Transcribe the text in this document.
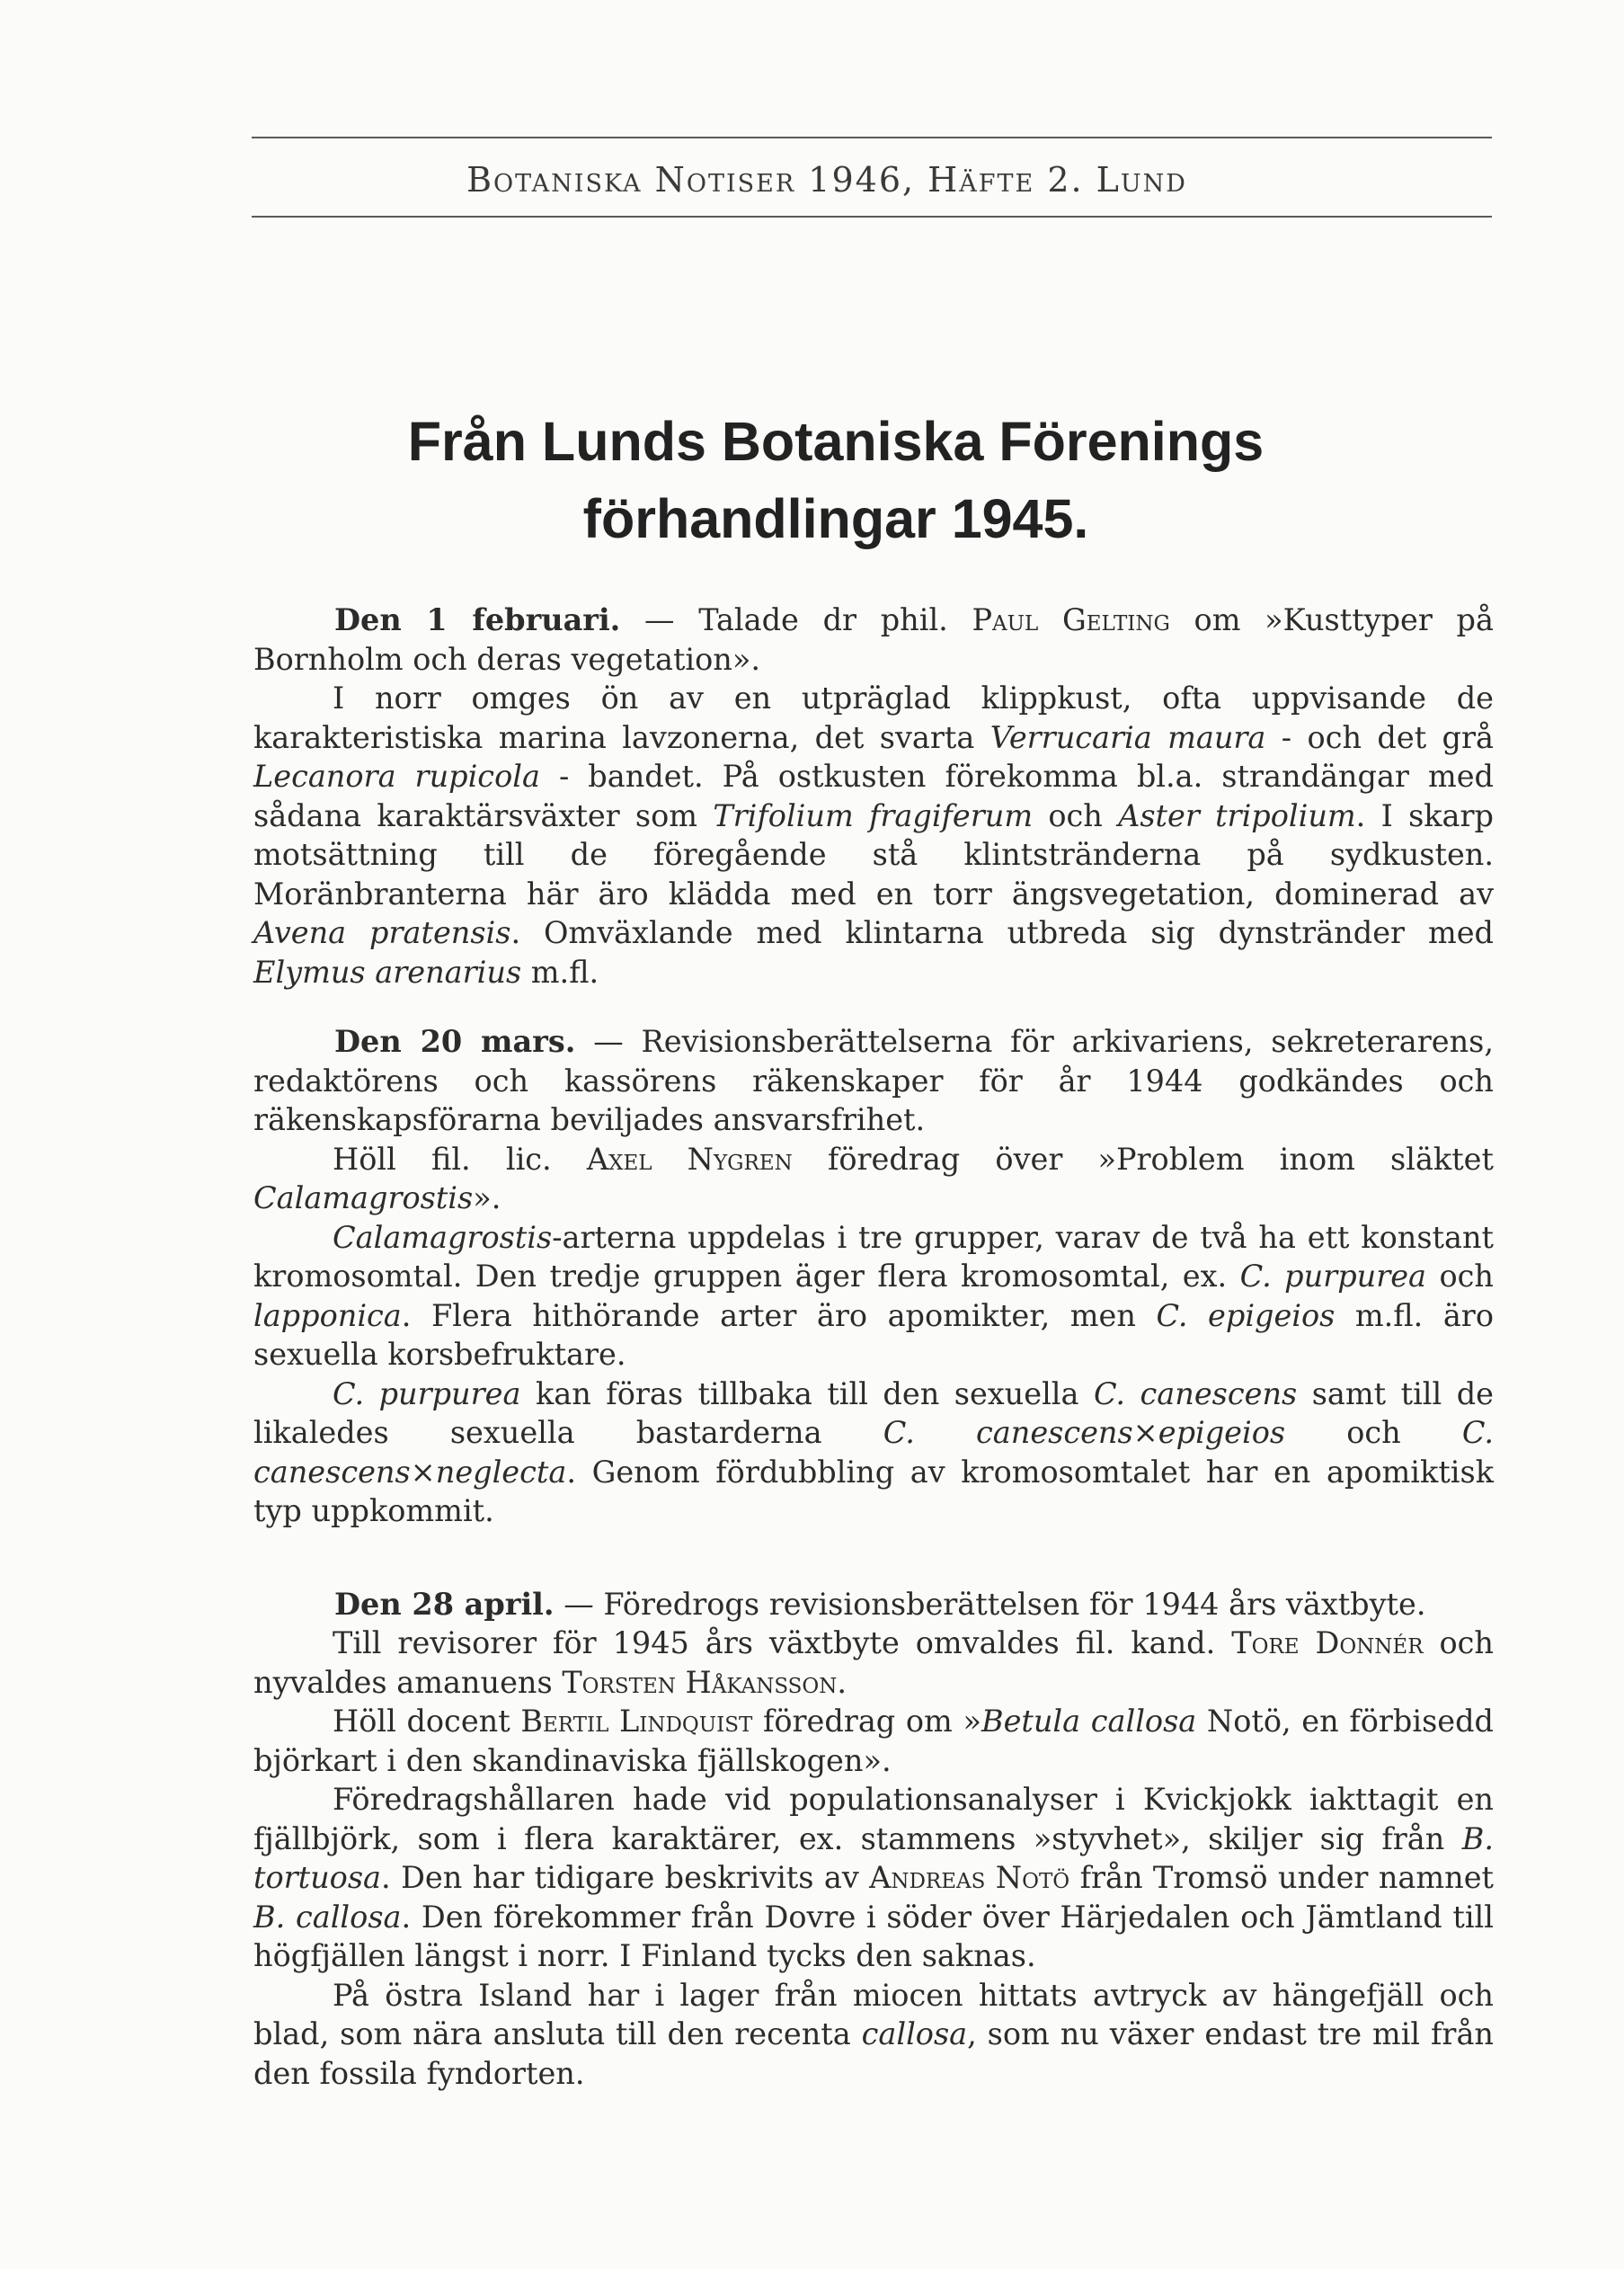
Botaniska Notiser 1946, Häfte 2. Lund
Från Lunds Botaniska Förenings
förhandlingar 1945.

Den 1 februari. — Talade dr phil. Paul Gelting om »Kusttyper på Bornholm och deras vegetation».

I norr omges ön av en utpräglad klippkust, ofta uppvisande de karakteristiska marina lavzonerna, det svarta Verrucaria maura - och det grå Lecanora rupicola - bandet. På ostkusten förekomma bl.a. strandängar med sådana karaktärsväxter som Trifolium fragiferum och Aster tripolium. I skarp motsättning till de föregående stå klintstränderna på sydkusten. Moränbranterna här äro klädda med en torr ängsvegetation, dominerad av Avena pratensis. Omväxlande med klintarna utbreda sig dynstränder med Elymus arenarius m.fl.

Den 20 mars. — Revisionsberättelserna för arkivariens, sekreterarens, redaktörens och kassörens räkenskaper för år 1944 godkändes och räkenskapsförarna beviljades ansvarsfrihet.

Höll fil. lic. Axel Nygren föredrag över »Problem inom släktet Calamagrostis».

Calamagrostis-arterna uppdelas i tre grupper, varav de två ha ett konstant kromosomtal. Den tredje gruppen äger flera kromosomtal, ex. C. purpurea och lapponica. Flera hithörande arter äro apomikter, men C. epigeios m.fl. äro sexuella korsbefruktare.

C. purpurea kan föras tillbaka till den sexuella C. canescens samt till de likaledes sexuella bastarderna C. canescens×epigeios och C. canescens×neglecta. Genom fördubbling av kromosomtalet har en apomiktisk typ uppkommit.

Den 28 april. — Föredrogs revisionsberättelsen för 1944 års växtbyte.

Till revisorer för 1945 års växtbyte omvaldes fil. kand. Tore Donnér och nyvaldes amanuens Torsten Håkansson.

Höll docent Bertil Lindquist föredrag om »Betula callosa Notö, en förbisedd björkart i den skandinaviska fjällskogen».

Föredragshållaren hade vid populationsanalyser i Kvickjokk iakttagit en fjällbjörk, som i flera karaktärer, ex. stammens »styvhet», skiljer sig från B. tortuosa. Den har tidigare beskrivits av Andreas Notö från Tromsö under namnet B. callosa. Den förekommer från Dovre i söder över Härjedalen och Jämtland till högfjällen längst i norr. I Finland tycks den saknas.

På östra Island har i lager från miocen hittats avtryck av hängefjäll och blad, som nära ansluta till den recenta callosa, som nu växer endast tre mil från den fossila fyndorten.
